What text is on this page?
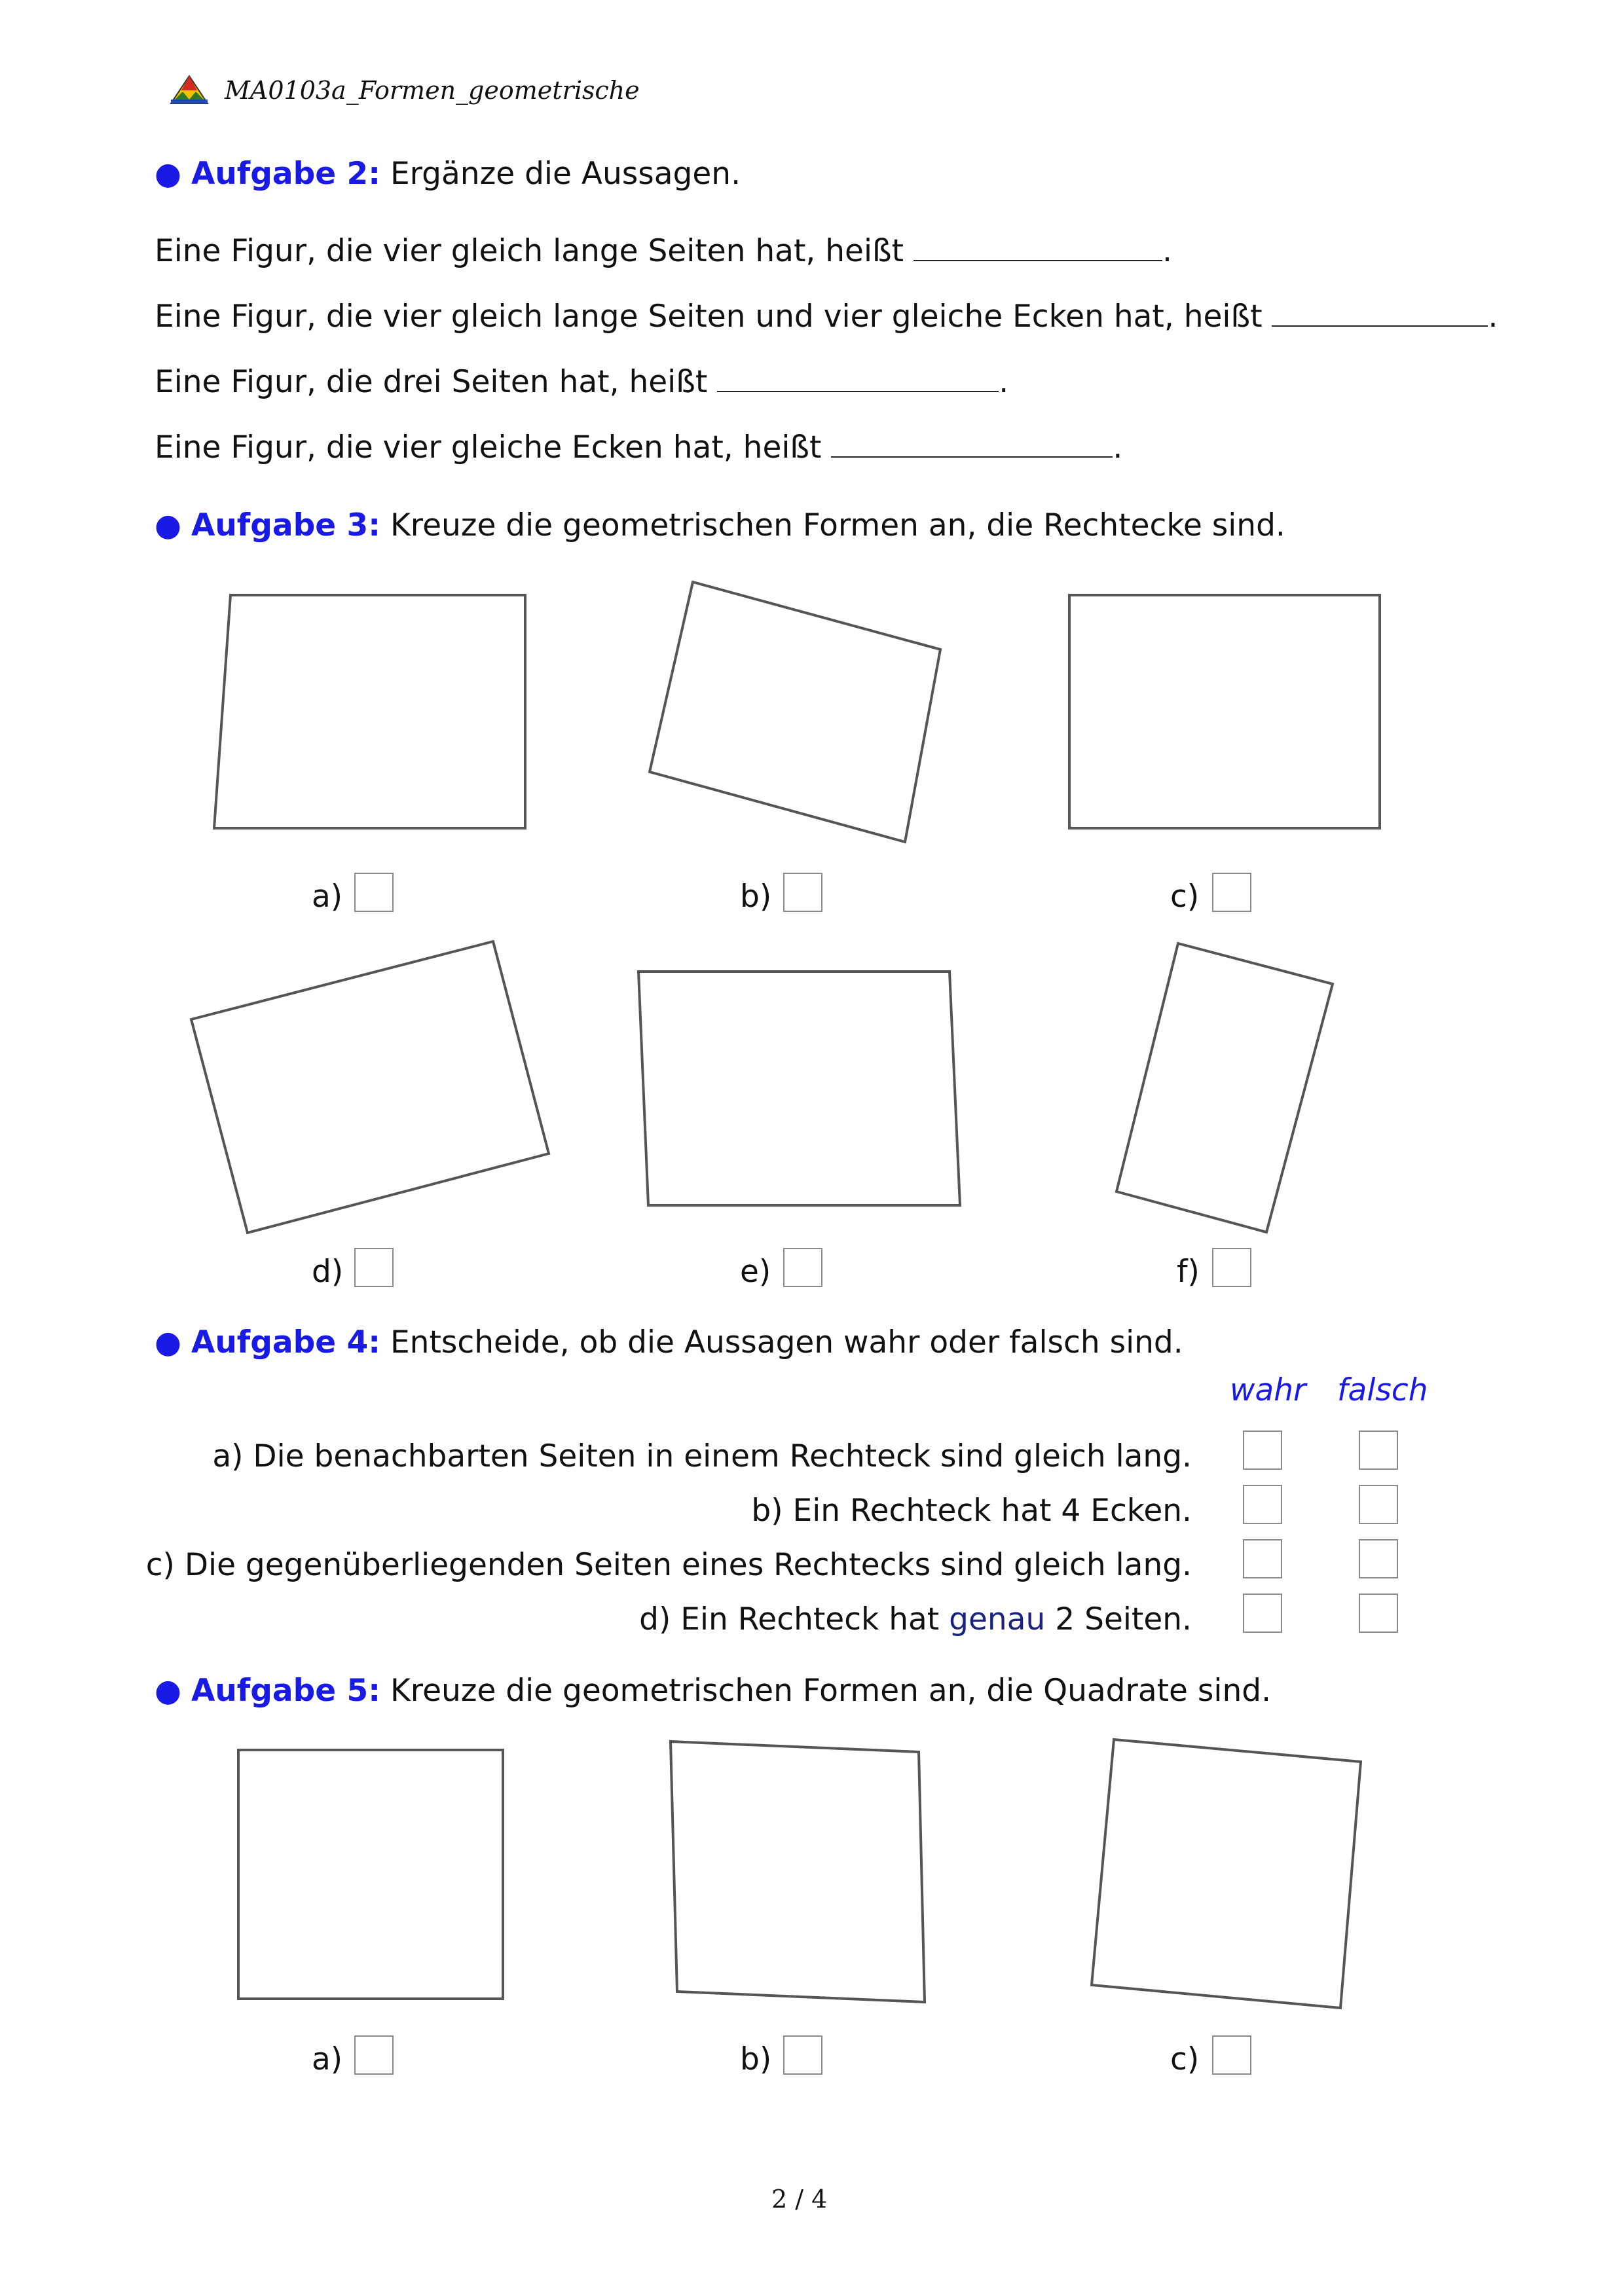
MA0103a_Formen_geometrische
● Aufgabe 2: Ergänze die Aussagen.
Eine Figur, die vier gleich lange Seiten hat, heißt	.
Eine Figur, die vier gleich lange Seiten und vier gleiche Ecken hat, heißt	.
Eine Figur, die drei Seiten hat, heißt	.
Eine Figur, die vier gleiche Ecken hat, heißt	.
● Aufgabe 3: Kreuze die geometrischen Formen an, die Rechtecke sind.
a)	b)	c)
d)	e)	f)
● Aufgabe 4: Entscheide, ob die Aussagen wahr oder falsch sind.
wahr falsch
a) Die benachbarten Seiten in einem Rechteck sind gleich lang.
b) Ein Rechteck hat 4 Ecken.
c) Die gegenüberliegenden Seiten eines Rechtecks sind gleich lang.
d) Ein Rechteck hat genau 2 Seiten.
● Aufgabe 5: Kreuze die geometrischen Formen an, die Quadrate sind.
a)	b)	c)
2 / 4
